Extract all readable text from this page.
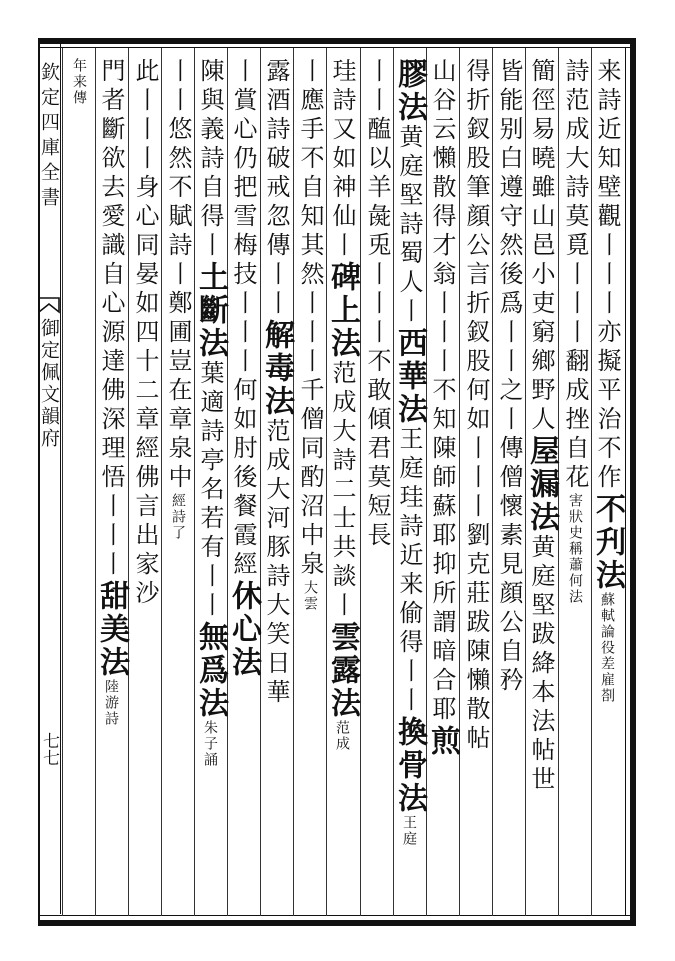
欽定四庫全書
御定佩文韻府
七七
来詩近知壁觀丨丨丨亦擬平治不作不刋法蘇軾論役差雇剳
詩范成大詩莫覓丨丨丨翻成挫自花害狀史稱蕭何法
簡徑易曉雖山邑小吏窮鄉野人屋漏法黄庭堅跋絳本法帖世
皆能别白遵守然後爲丨丨之丨傳僧懷素見顔公自矜
得折釵股筆顔公言折釵股何如丨丨丨劉克莊跋陳懶散帖
山谷云懶散得才翁丨丨丨不知陳師蘇耶抑所謂暗合耶煎
膠法黄庭堅詩蜀人丨西華法王庭珪詩近来偷得丨丨換骨法王庭
丨丨醢以羊彘兎丨丨丨不敢傾君莫短長
珪詩又如神仙丨碑上法范成大詩二士共談丨雲露法范成
丨應手不自知其然丨丨丨千僧同酌沼中泉大雲
露酒詩破戒忽傳丨丨解毒法范成大河豚詩大笑日華
丨賞心仍把雪梅技丨丨丨何如肘後餐霞經休心法
陳與義詩自得丨土斷法葉適詩亭名若有丨丨無爲法朱子誦
丨丨悠然不賦詩丨鄭圃豈在章泉中經詩了
此丨丨丨身心同晏如四十二章經佛言出家沙
門者斷欲去愛識自心源達佛深理悟丨丨丨甜美法陸游詩
年来傳
